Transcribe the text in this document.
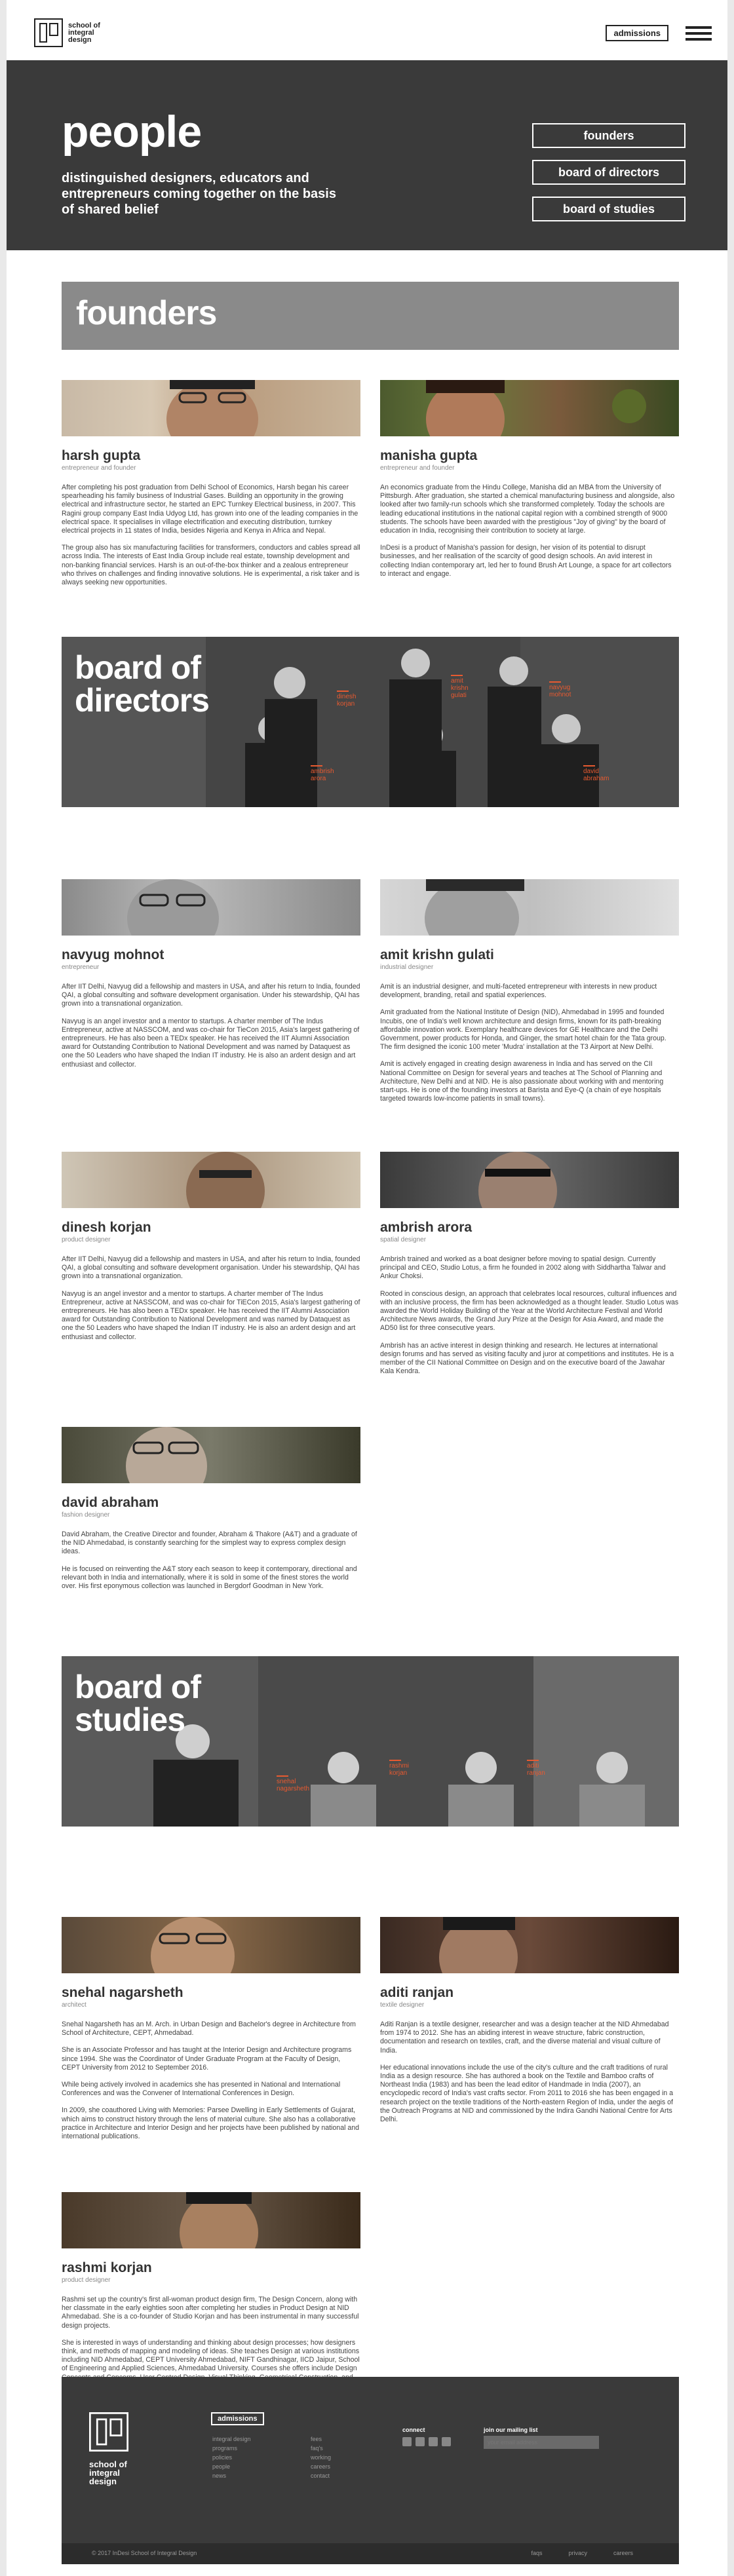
school of
integral
design
admissions
people

distinguished designers, educators and entrepreneurs coming together on the basis of shared belief

founders
board of directors
board of studies
founders
harsh gupta
entrepreneur and founder

After completing his post graduation from Delhi School of Economics, Harsh began his career spearheading his family business of Industrial Gases. Building an opportunity in the growing electrical and infrastructure sector, he started an EPC Turnkey Electrical business, in 2007. This Ragini group company East India Udyog Ltd, has grown into one of the leading companies in the electrical space. It specialises in village electrification and executing distribution, turnkey electrical projects in 11 states of India, besides Nigeria and Kenya in Africa and Nepal.

The group also has six manufacturing facilities for transformers, conductors and cables spread all across India. The interests of East India Group include real estate, township development and non-banking financial services. Harsh is an out-of-the-box thinker and a zealous entrepreneur who thrives on challenges and finding innovative solutions. He is experimental, a risk taker and is always seeking new opportunities.

manisha gupta
entrepreneur and founder

An economics graduate from the Hindu College, Manisha did an MBA from the University of Pittsburgh. After graduation, she started a chemical manufacturing business and alongside, also looked after two family-run schools which she transformed completely. Today the schools are leading educational institutions in the national capital region with a combined strength of 9000 students. The schools have been awarded with the prestigious "Joy of giving" by the board of education in India, recognising their contribution to society at large.

InDesi is a product of Manisha's passion for design, her vision of its potential to disrupt businesses, and her realisation of the scarcity of good design schools. An avid interest in collecting Indian contemporary art, led her to found Brush Art Lounge, a space for art collectors to interact and engage.

board of
directors	dinesh
korjan
amit
krishn
gulati
navyug
mohnot
ambrish
arora
david
abraham
navyug mohnot
entrepreneur

After IIT Delhi, Navyug did a fellowship and masters in USA, and after his return to India, founded QAI, a global consulting and software development organisation. Under his stewardship, QAI has grown into a transnational organization.

Navyug is an angel investor and a mentor to startups. A charter member of The Indus Entrepreneur, active at NASSCOM, and was co-chair for TieCon 2015, Asia's largest gathering of entrepreneurs. He has also been a TEDx speaker. He has received the IIT Alumni Association award for Outstanding Contribution to National Development and was named by Dataquest as one the 50 Leaders who have shaped the Indian IT industry. He is also an ardent design and art enthusiast and collector.

amit krishn gulati
industrial designer

Amit is an industrial designer, and multi-faceted entrepreneur with interests in new product development, branding, retail and spatial experiences.

Amit graduated from the National Institute of Design (NID), Ahmedabad in 1995 and founded Incubis, one of India's well known architecture and design firms, known for its path-breaking affordable innovation work. Exemplary healthcare devices for GE Healthcare and the Delhi Government, power products for Honda, and Ginger, the smart hotel chain for the Tata group. The firm designed the iconic 100 meter 'Mudra' installation at the T3 Airport at New Delhi.

Amit is actively engaged in creating design awareness in India and has served on the CII National Committee on Design for several years and teaches at The School of Planning and Architecture, New Delhi and at NID. He is also passionate about working with and mentoring start-ups. He is one of the founding investors at Barista and Eye-Q (a chain of eye hospitals targeted towards low-income patients in small towns).

dinesh korjan
product designer

After IIT Delhi, Navyug did a fellowship and masters in USA, and after his return to India, founded QAI, a global consulting and software development organisation. Under his stewardship, QAI has grown into a transnational organization.

Navyug is an angel investor and a mentor to startups. A charter member of The Indus Entrepreneur, active at NASSCOM, and was co-chair for TiECon 2015, Asia's largest gathering of entrepreneurs. He has also been a TEDx speaker. He has received the IIT Alumni Association award for Outstanding Contribution to National Development and was named by Dataquest as one the 50 Leaders who have shaped the Indian IT industry. He is also an ardent design and art enthusiast and collector.

ambrish arora
spatial designer

Ambrish trained and worked as a boat designer before moving to spatial design. Currently principal and CEO, Studio Lotus, a firm he founded in 2002 along with Siddhartha Talwar and Ankur Choksi.

Rooted in conscious design, an approach that celebrates local resources, cultural influences and with an inclusive process, the firm has been acknowledged as a thought leader. Studio Lotus was awarded the World Holiday Building of the Year at the World Architecture Festival and World Architecture News awards, the Grand Jury Prize at the Design for Asia Award, and made the AD50 list for three consecutive years.

Ambrish has an active interest in design thinking and research. He lectures at international design forums and has served as visiting faculty and juror at competitions and institutes. He is a member of the CII National Committee on Design and on the executive board of the Jawahar Kala Kendra.

david abraham
fashion designer

David Abraham, the Creative Director and founder, Abraham & Thakore (A&T) and a graduate of the NID Ahmedabad, is constantly searching for the simplest way to express complex design ideas.

He is focused on reinventing the A&T story each season to keep it contemporary, directional and relevant both in India and internationally, where it is sold in some of the finest stores the world over. His first eponymous collection was launched in Bergdorf Goodman in New York.

board of
studies
snehal
nagarsheth
rashmi
korjan
aditi
ranjan
snehal nagarsheth
architect

Snehal Nagarsheth has an M. Arch. in Urban Design and Bachelor's degree in Architecture from School of Architecture, CEPT, Ahmedabad.

She is an Associate Professor and has taught at the Interior Design and Architecture programs since 1994. She was the Coordinator of Under Graduate Program at the Faculty of Design, CEPT University from 2012 to September 2016.

While being actively involved in academics she has presented in National and International Conferences and was the Convener of International Conferences in Design.

In 2009, she coauthored Living with Memories: Parsee Dwelling in Early Settlements of Gujarat, which aims to construct history through the lens of material culture. She also has a collaborative practice in Architecture and Interior Design and her projects have been published by national and international publications.

aditi ranjan
textile designer

Aditi Ranjan is a textile designer, researcher and was a design teacher at the NID Ahmedabad from 1974 to 2012. She has an abiding interest in weave structure, fabric construction, documentation and research on textiles, craft, and the diverse material and visual culture of India.

Her educational innovations include the use of the city's culture and the craft traditions of rural India as a design resource. She has authored a book on the Textile and Bamboo crafts of Northeast India (1983) and has been the lead editor of Handmade in India (2007), an encyclopedic record of India's vast crafts sector. From 2011 to 2016 she has been engaged in a research project on the textile traditions of the North-eastern Region of India, under the aegis of the Outreach Programs at NID and commissioned by the Indira Gandhi National Centre for Arts Delhi.

rashmi korjan
product designer

Rashmi set up the country's first all-woman product design firm, The Design Concern, along with her classmate in the early eighties soon after completing her studies in Product Design at NID Ahmedabad. She is a co-founder of Studio Korjan and has been instrumental in many successful design projects.

She is interested in ways of understanding and thinking about design processes; how designers think, and methods of mapping and modeling of ideas. She teaches Design at various institutions including NID Ahmedabad, CEPT University Ahmedabad, NIFT Gandhinagar, IICD Jaipur, School of Engineering and Applied Sciences, Ahmedabad University. Courses she offers include Design

school of
integral
design
admissions
integral design
programs
policies
people
news
fees
faq's
working
careers
contact
connect	join our mailing list
your email address
© 2017 InDesi School of Integral Design	faqs	privacy	careers
